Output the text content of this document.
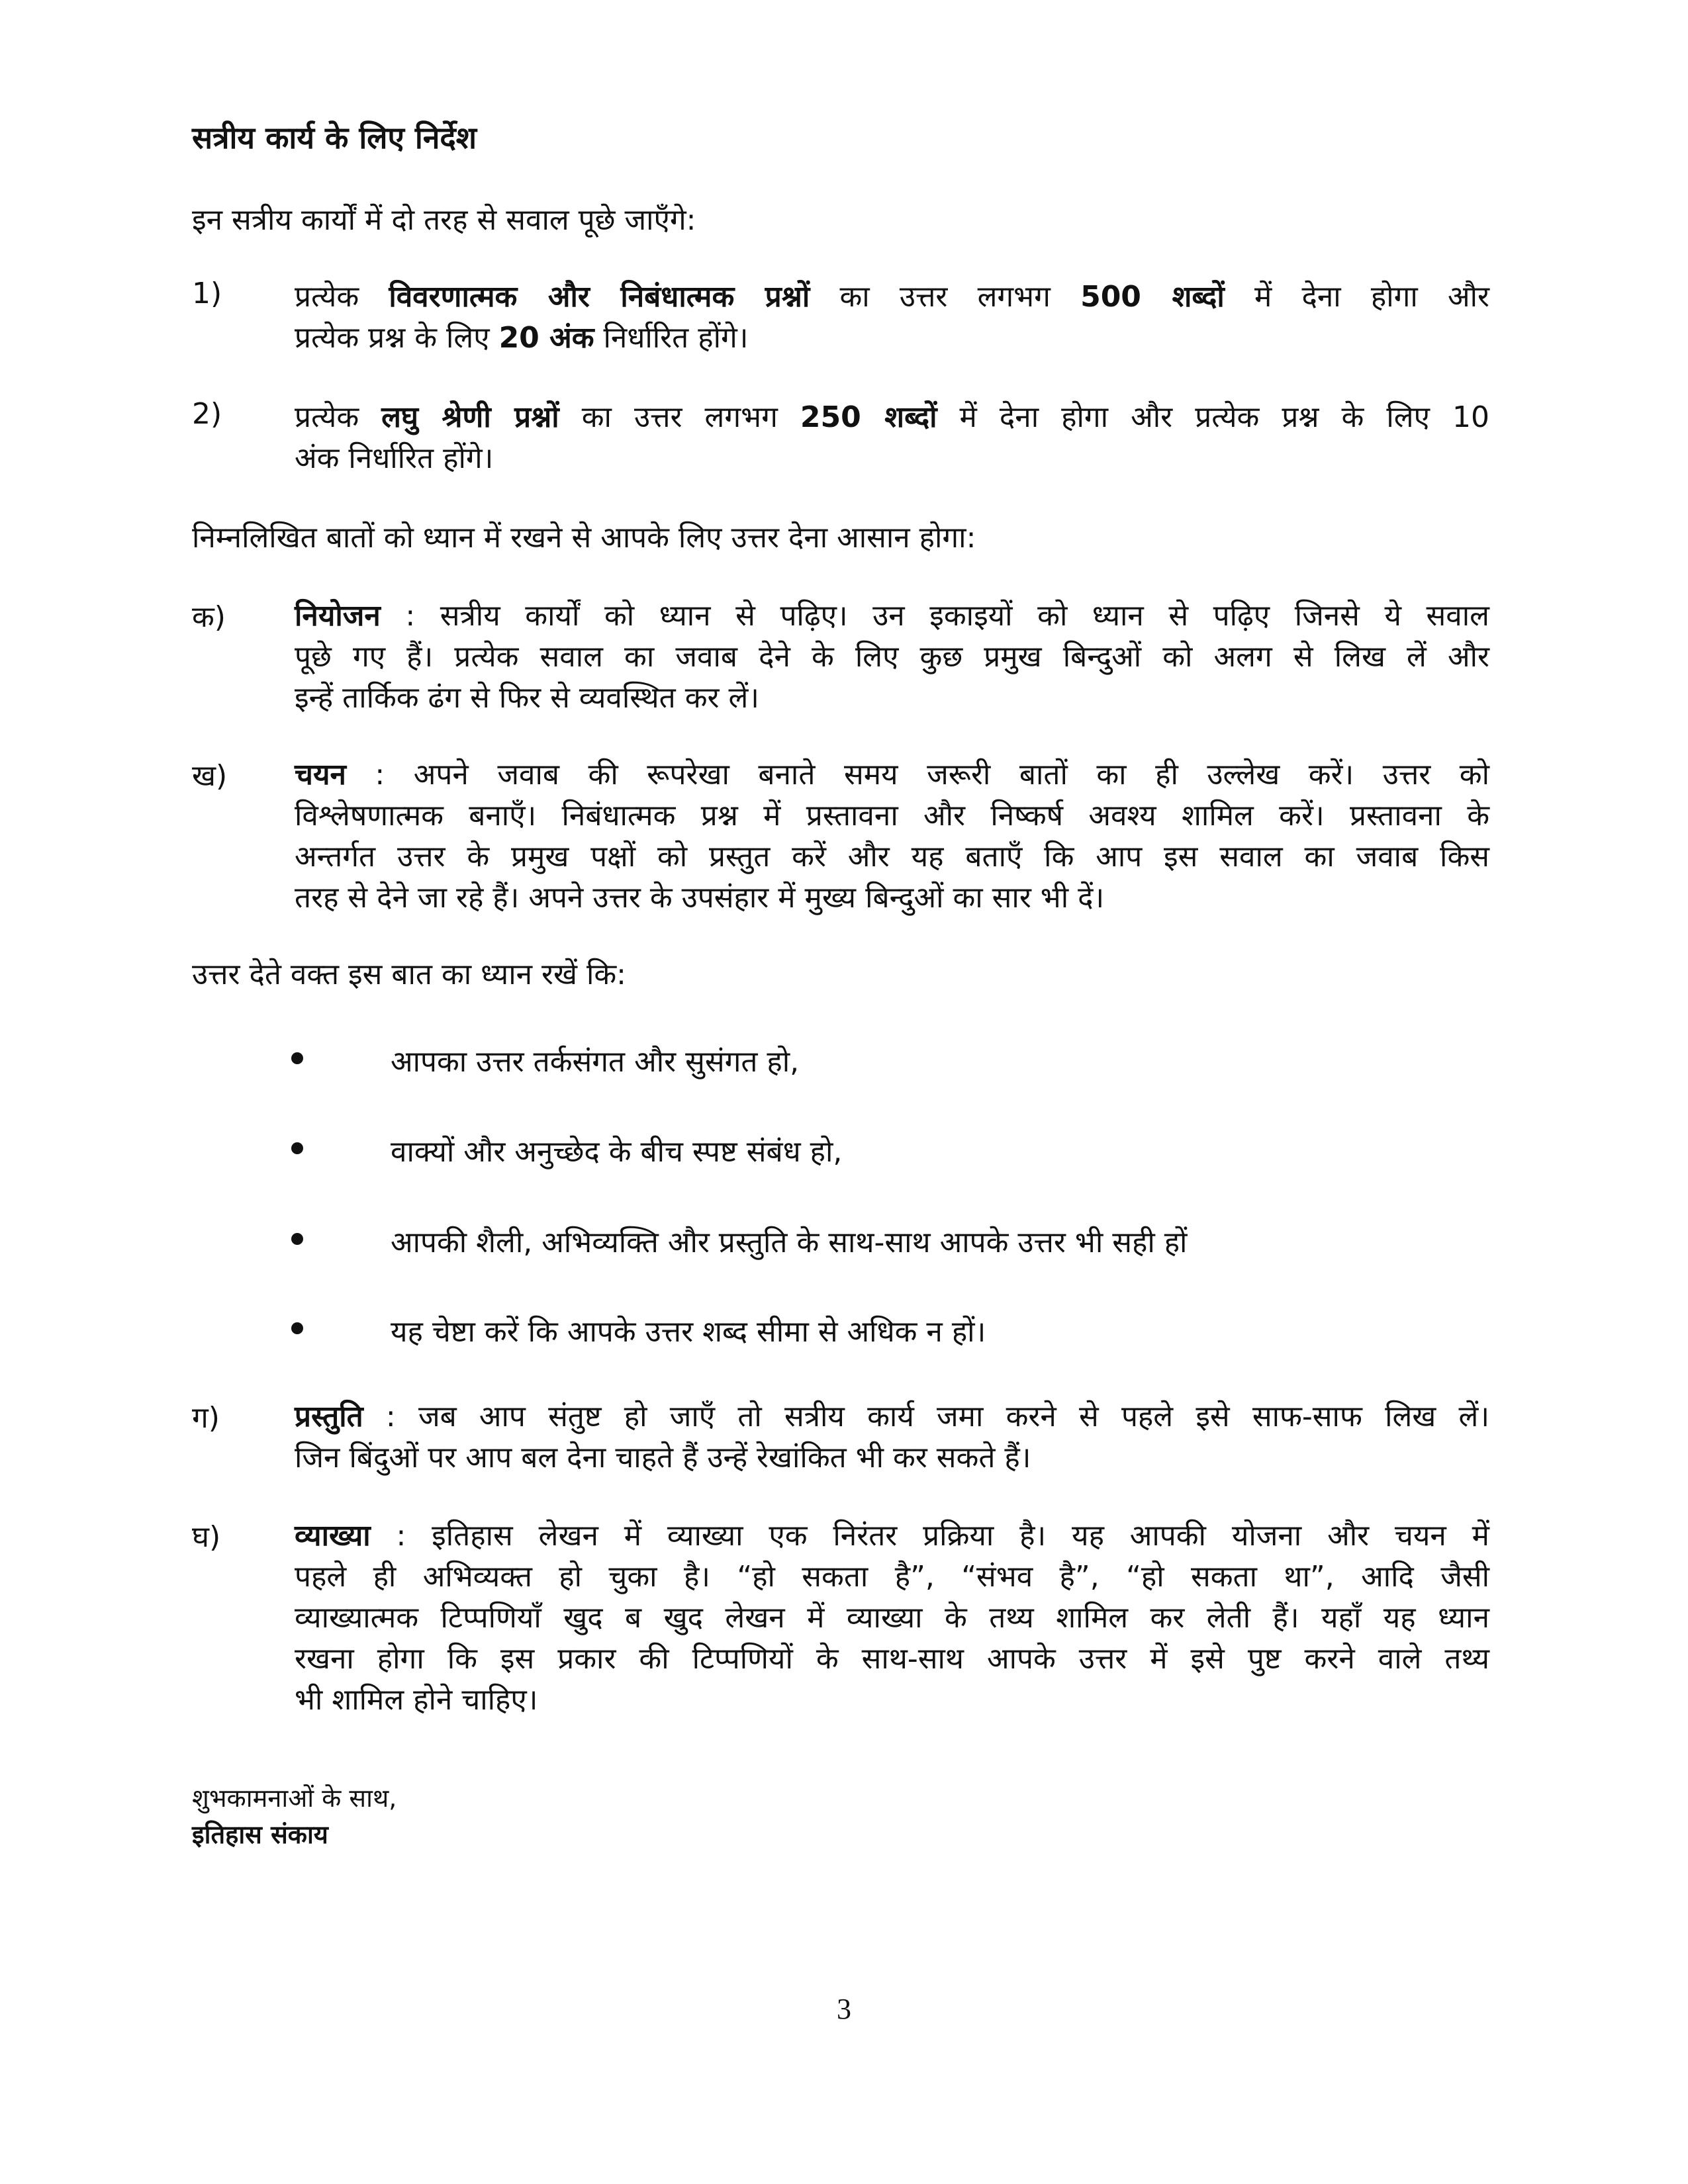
सत्रीय कार्य के लिए निर्देश

इन सत्रीय कार्यों में दो तरह से सवाल पूछे जाएँगे:

1) प्रत्येक विवरणात्मक और निबंधात्मक प्रश्नों का उत्तर लगभग 500 शब्दों में देना होगा और
प्रत्येक प्रश्न के लिए 20 अंक निर्धारित होंगे।
2) प्रत्येक लघु श्रेणी प्रश्नों का उत्तर लगभग 250 शब्दों में देना होगा और प्रत्येक प्रश्न के लिए 10
अंक निर्धारित होंगे।

निम्नलिखित बातों को ध्यान में रखने से आपके लिए उत्तर देना आसान होगा:

क) नियोजन : सत्रीय कार्यों को ध्यान से पढ़िए। उन इकाइयों को ध्यान से पढ़िए जिनसे ये सवाल
पूछे गए हैं। प्रत्येक सवाल का जवाब देने के लिए कुछ प्रमुख बिन्दुओं को अलग से लिख लें और
इन्हें तार्किक ढंग से फिर से व्यवस्थित कर लें।
ख) चयन : अपने जवाब की रूपरेखा बनाते समय जरूरी बातों का ही उल्लेख करें। उत्तर को
विश्लेषणात्मक बनाएँ। निबंधात्मक प्रश्न में प्रस्तावना और निष्कर्ष अवश्य शामिल करें। प्रस्तावना के
अन्तर्गत उत्तर के प्रमुख पक्षों को प्रस्तुत करें और यह बताएँ कि आप इस सवाल का जवाब किस
तरह से देने जा रहे हैं। अपने उत्तर के उपसंहार में मुख्य बिन्दुओं का सार भी दें।

उत्तर देते वक्त इस बात का ध्यान रखें कि:

आपका उत्तर तर्कसंगत और सुसंगत हो,
वाक्यों और अनुच्छेद के बीच स्पष्ट संबंध हो,
आपकी शैली, अभिव्यक्ति और प्रस्तुति के साथ-साथ आपके उत्तर भी सही हों
यह चेष्टा करें कि आपके उत्तर शब्द सीमा से अधिक न हों।
ग)	प्रस्तुति : जब आप संतुष्ट हो जाएँ तो सत्रीय कार्य जमा करने से पहले इसे साफ-साफ लिख लें।
जिन बिंदुओं पर आप बल देना चाहते हैं उन्हें रेखांकित भी कर सकते हैं।
घ)	व्याख्या : इतिहास लेखन में व्याख्या एक निरंतर प्रक्रिया है। यह आपकी योजना और चयन में
पहले ही अभिव्यक्त हो चुका है। “हो सकता है”, “संभव है”, “हो सकता था”, आदि जैसी
व्याख्यात्मक टिप्पणियाँ खुद ब खुद लेखन में व्याख्या के तथ्य शामिल कर लेती हैं। यहाँ यह ध्यान
रखना होगा कि इस प्रकार की टिप्पणियों के साथ-साथ आपके उत्तर में इसे पुष्ट करने वाले तथ्य
भी शामिल होने चाहिए।

शुभकामनाओं के साथ,

इतिहास संकाय

3
